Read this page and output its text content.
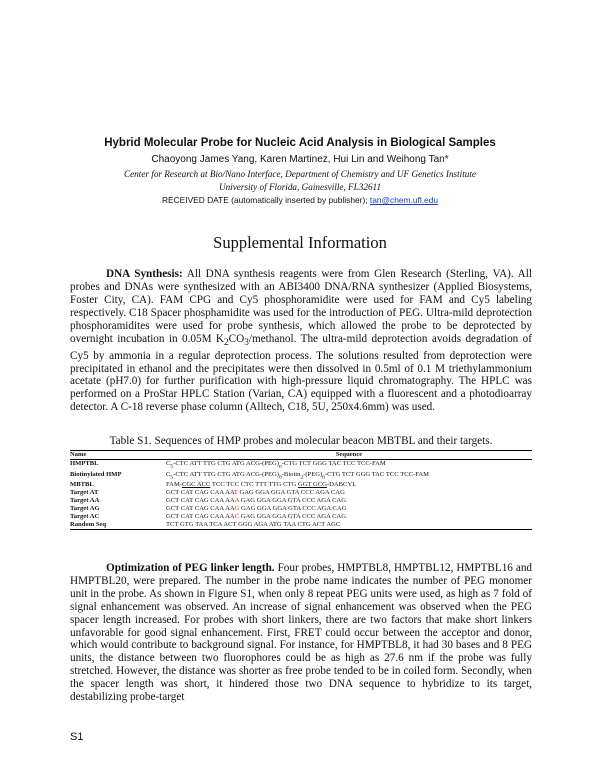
Hybrid Molecular Probe for Nucleic Acid Analysis in Biological Samples
Chaoyong James Yang, Karen Martinez, Hui Lin and Weihong Tan*
Center for Research at Bio/Nano Interface, Department of Chemistry and UF Genetics Institute
University of Florida, Gainesville, FL32611
RECEIVED DATE (automatically inserted by publisher); tan@chem.ufl.edu
Supplemental Information

DNA Synthesis: All DNA synthesis reagents were from Glen Research (Sterling, VA). All probes and DNAs were synthesized with an ABI3400 DNA/RNA synthesizer (Applied Biosystems, Foster City, CA). FAM CPG and Cy5 phosphoramidite were used for FAM and Cy5 labeling respectively. C18 Spacer phosphamidite was used for the introduction of PEG. Ultra-mild deprotection phosphoramidites were used for probe synthesis, which allowed the probe to be deprotected by overnight incubation in 0.05M $K_2CO_3$/methanol. The ultra-mild deprotection avoids degradation of Cy5 by ammonia in a regular deprotection process. The solutions resulted from deprotection were precipitated in ethanol and the precipitates were then dissolved in 0.5ml of 0.1 M triethylammonium acetate (pH7.0) for further purification with high-pressure liquid chromatography. The HPLC was performed on a ProStar HPLC Station (Varian, CA) equipped with a fluorescent and a photodioarray detector. A C-18 reverse phase column (Alltech, C18, 5U, 250x4.6mm) was used.

Table S1. Sequences of HMP probes and molecular beacon MBTBL and their targets.
Name	Sequence
HMPTBL	$C_5$-CTC ATT TTG CTG ATG ACG-$(PEG)_n$-CTG TCT GGG TAC TCC TCC-FAM
Biotinylated HMP	$C_5$-CTC ATT TTG CTG ATG ACG-$(PEG)_6-Biotin_2-(PEG)_6$-CTG TCT GGG TAC TCC TCC-FAM
MBTBL	FAM-CGC ACC TCC TCC CTC TTT TTG CTG GGT GCG-DABCYL
Target AT	GCT CAT CAG CAA AAT GAG GGA GGA GTA CCC AGA CAG
Target AA	GCT CAT CAG CAA AAA GAG GGA GGA GTA CCC AGA CAG
Target AG	GCT CAT CAG CAA AAG GAG GGA GGA GTA CCC AGA CAG
Target AC	GCT CAT CAG CAA AAC GAG GGA GGA GTA CCC AGA CAG
Random Seq	TCT GTG TAA TCA ACT GGG AGA ATG TAA CTG ACT AGC

Optimization of PEG linker length. Four probes, HMPTBL8, HMPTBL12, HMPTBL16 and HMPTBL20, were prepared. The number in the probe name indicates the number of PEG monomer unit in the probe. As shown in Figure S1, when only 8 repeat PEG units were used, as high as 7 fold of signal enhancement was observed. An increase of signal enhancement was observed when the PEG spacer length increased. For probes with short linkers, there are two factors that make short linkers unfavorable for good signal enhancement. First, FRET could occur between the acceptor and donor, which would contribute to background signal. For instance, for HMPTBL8, it had 30 bases and 8 PEG units, the distance between two fluorophores could be as high as 27.6 nm if the probe was fully stretched. However, the distance was shorter as free probe tended to be in coiled form. Secondly, when the spacer length was short, it hindered those two DNA sequence to hybridize to its target, destabilizing probe-target

S1
